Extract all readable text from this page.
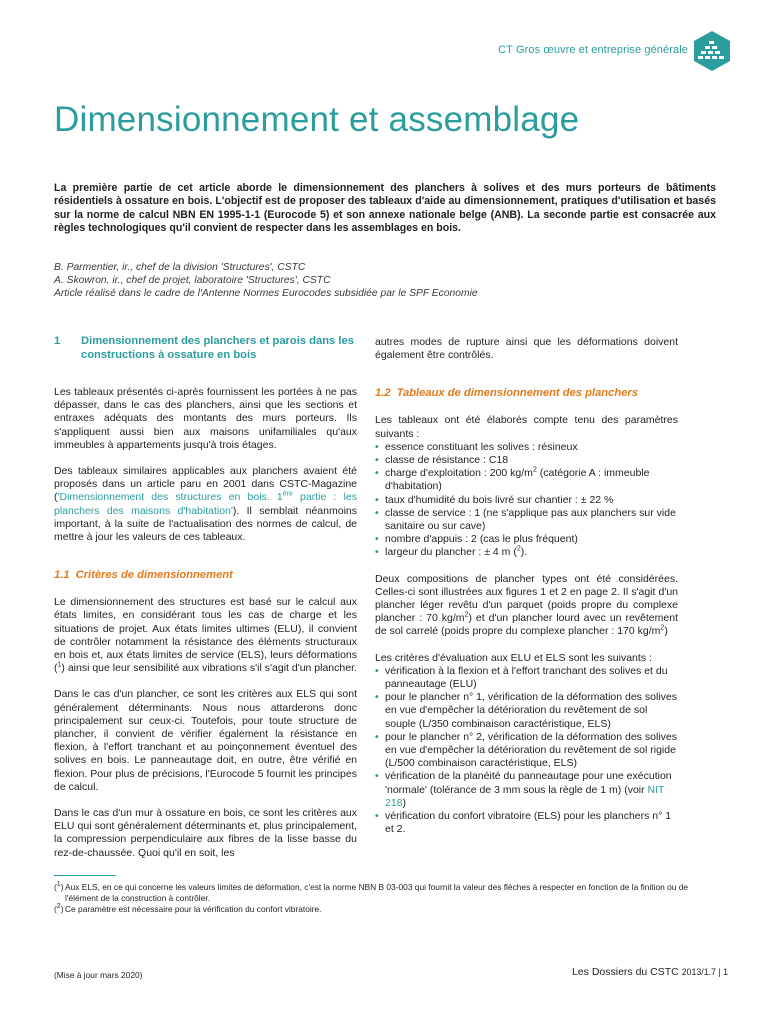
CT Gros œuvre et entreprise générale
Dimensionnement et assemblage

La première partie de cet article aborde le dimensionnement des planchers à solives et des murs porteurs de bâtiments résidentiels à ossature en bois. L'objectif est de proposer des tableaux d'aide au dimensionnement, pratiques d'utilisation et basés sur la norme de calcul NBN EN 1995-1-1 (Eurocode 5) et son annexe nationale belge (ANB). La seconde partie est consacrée aux règles technologiques qu'il convient de respecter dans les assemblages en bois.

B. Parmentier, ir., chef de la division 'Structures', CSTC
A. Skowron, ir., chef de projet, laboratoire 'Structures', CSTC
Article réalisé dans le cadre de l'Antenne Normes Eurocodes subsidiée par le SPF Economie
1	Dimensionnement des planchers et parois dans les constructions à ossature en bois

Les tableaux présentés ci-après fournissent les portées à ne pas dépasser, dans le cas des planchers, ainsi que les sections et entraxes adéquats des montants des murs porteurs. Ils s'appliquent aussi bien aux maisons unifamiliales qu'aux immeubles à appartements jusqu'à trois étages.

Des tableaux similaires applicables aux planchers avaient été proposés dans un article paru en 2001 dans CSTC-Magazine ('Dimensionnement des structures en bois. 1ère partie : les planchers des maisons d'habitation'). Il semblait néanmoins important, à la suite de l'actualisation des normes de calcul, de mettre à jour les valeurs de ces tableaux.

1.1 Critères de dimensionnement

Le dimensionnement des structures est basé sur le calcul aux états limites, en considérant tous les cas de charge et les situations de projet. Aux états limites ultimes (ELU), il convient de contrôler notamment la résistance des éléments structuraux en bois et, aux états limites de service (ELS), leurs déformations ($^1$) ainsi que leur sensibilité aux vibrations s'il s'agit d'un plancher.

Dans le cas d'un plancher, ce sont les critères aux ELS qui sont généralement déterminants. Nous nous attarderons donc principalement sur ceux-ci. Toutefois, pour toute structure de plancher, il convient de vérifier également la résistance en flexion, à l'effort tranchant et au poinçonnement éventuel des solives en bois. Le panneautage doit, en outre, être vérifié en flexion. Pour plus de précisions, l'Eurocode 5 fournit les principes de calcul.

Dans le cas d'un mur à ossature en bois, ce sont les critères aux ELU qui sont généralement déterminants et, plus principalement, la compression perpendiculaire aux fibres de la lisse basse du rez-de-chaussée. Quoi qu'il en soit, les

autres modes de rupture ainsi que les déformations doivent également être contrôlés.

1.2 Tableaux de dimensionnement des planchers

Les tableaux ont été élaborés compte tenu des paramètres suivants :

• essence constituant les solives : résineux
• classe de résistance : C18
• charge d'exploitation : 200 $kg/m^2$ (catégorie A : immeuble d'habitation)
• taux d'humidité du bois livré sur chantier : ± 22 %
• classe de service : 1 (ne s'applique pas aux planchers sur vide sanitaire ou sur cave)
• nombre d'appuis : 2 (cas le plus fréquent)
• largeur du plancher : ± 4 m ($^2$).

Deux compositions de plancher types ont été considérées. Celles-ci sont illustrées aux figures 1 et 2 en page 2. Il s'agit d'un plancher léger revêtu d'un parquet (poids propre du complexe plancher : 70 $kg/m^2$) et d'un plancher lourd avec un revêtement de sol carrelé (poids propre du complexe plancher : 170 $kg/m^2$)

Les critères d'évaluation aux ELU et ELS sont les suivants :

• vérification à la flexion et à l'effort tranchant des solives et du panneautage (ELU)
• pour le plancher n° 1, vérification de la déformation des solives en vue d'empêcher la détérioration du revêtement de sol souple (L/350 combinaison caractéristique, ELS)
• pour le plancher n° 2, vérification de la déformation des solives en vue d'empêcher la détérioration du revêtement de sol rigide (L/500 combinaison caractéristique, ELS)
• vérification de la planéité du panneautage pour une exécution 'normale' (tolérance de 3 mm sous la règle de 1 m) (voir NIT 218)
• vérification du confort vibratoire (ELS) pour les planchers n° 1 et 2.
($^1$) Aux ELS, en ce qui concerne les valeurs limites de déformation, c'est la norme NBN B 03-003 qui fournit la valeur des flèches à respecter en fonction de la finition ou de l'élément de la construction à contrôler.
($^2$) Ce paramètre est nécessaire pour la vérification du confort vibratoire.
(Mise à jour mars 2020)	Les Dossiers du CSTC 2013/1.7 | 1
